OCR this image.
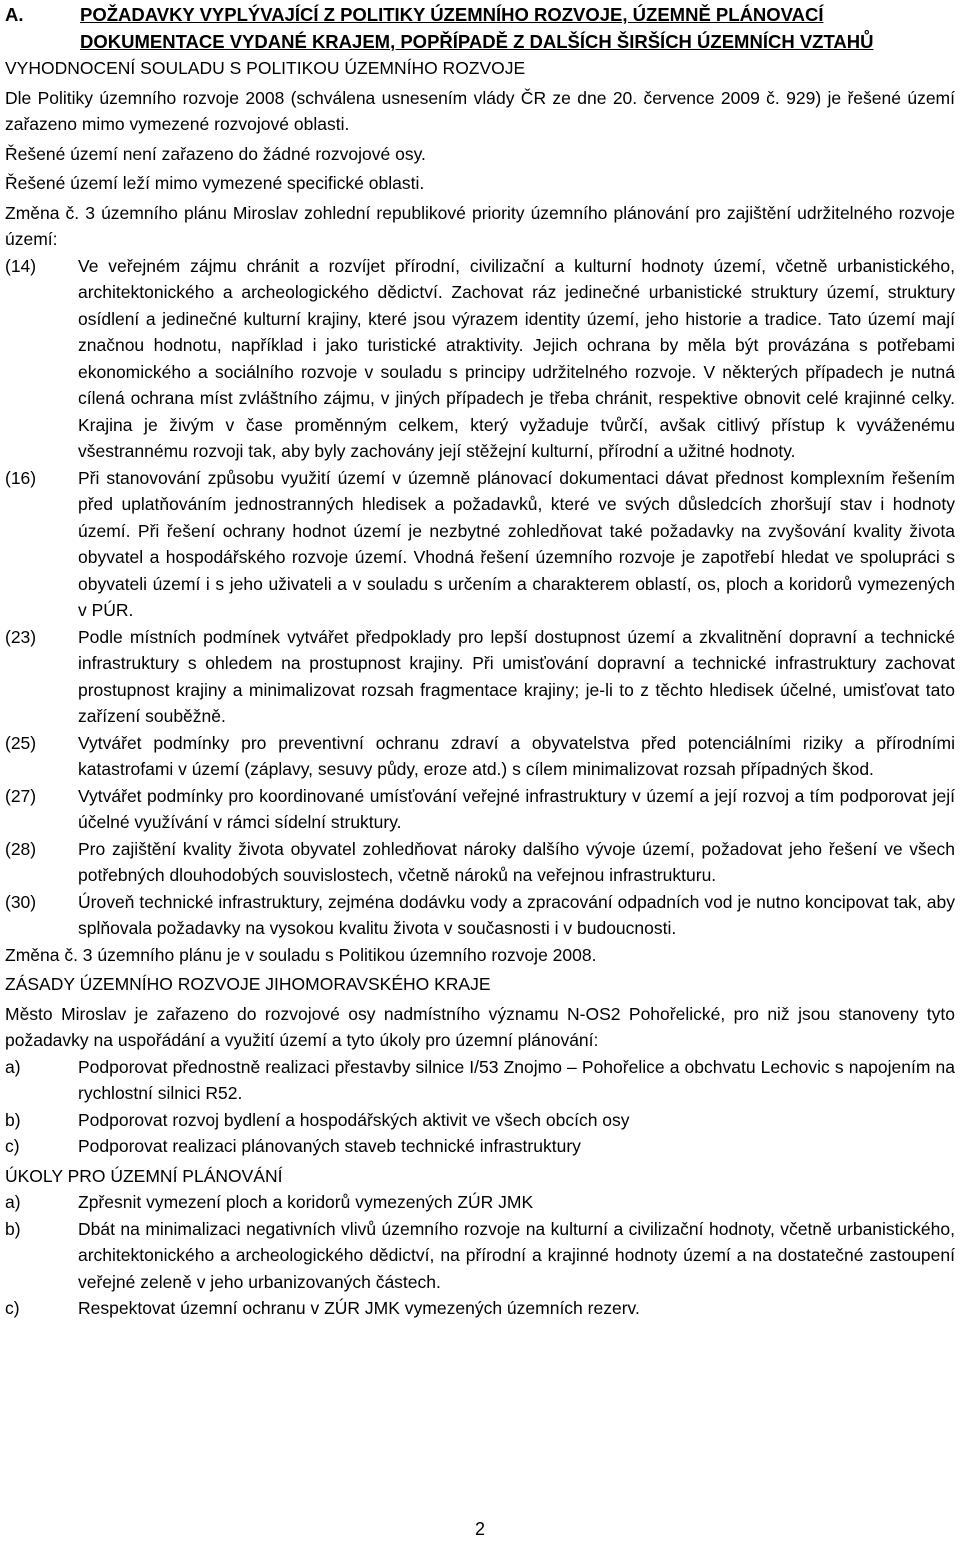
A.	POŽADAVKY VYPLÝVAJÍCÍ Z POLITIKY ÚZEMNÍHO ROZVOJE, ÚZEMNĚ PLÁNOVACÍ DOKUMENTACE VYDANÉ KRAJEM, POPŘÍPADĚ Z DALŠÍCH ŠIRŠÍCH ÚZEMNÍCH VZTAHŮ

VYHODNOCENÍ SOULADU S POLITIKOU ÚZEMNÍHO ROZVOJE

Dle Politiky územního rozvoje 2008 (schválena usnesením vlády ČR ze dne 20. července 2009 č. 929) je řešené území zařazeno mimo vymezené rozvojové oblasti.

Řešené území není zařazeno do žádné rozvojové osy.

Řešené území leží mimo vymezené specifické oblasti.

Změna č. 3 územního plánu Miroslav zohlední republikové priority územního plánování pro zajištění udržitelného rozvoje území:

(14)	Ve veřejném zájmu chránit a rozvíjet přírodní, civilizační a kulturní hodnoty území, včetně urbanistického, architektonického a archeologického dědictví. Zachovat ráz jedinečné urbanistické struktury území, struktury osídlení a jedinečné kulturní krajiny, které jsou výrazem identity území, jeho historie a tradice. Tato území mají značnou hodnotu, například i jako turistické atraktivity. Jejich ochrana by měla být provázána s potřebami ekonomického a sociálního rozvoje v souladu s principy udržitelného rozvoje. V některých případech je nutná cílená ochrana míst zvláštního zájmu, v jiných případech je třeba chránit, respektive obnovit celé krajinné celky. Krajina je živým v čase proměnným celkem, který vyžaduje tvůrčí, avšak citlivý přístup k vyváženému všestrannému rozvoji tak, aby byly zachovány její stěžejní kulturní, přírodní a užitné hodnoty.
(16)	Při stanovování způsobu využití území v územně plánovací dokumentaci dávat přednost komplexním řešením před uplatňováním jednostranných hledisek a požadavků, které ve svých důsledcích zhoršují stav i hodnoty území. Při řešení ochrany hodnot území je nezbytné zohledňovat také požadavky na zvyšování kvality života obyvatel a hospodářského rozvoje území. Vhodná řešení územního rozvoje je zapotřebí hledat ve spolupráci s obyvateli území i s jeho uživateli a v souladu s určením a charakterem oblastí, os, ploch a koridorů vymezených v PÚR.
(23)	Podle místních podmínek vytvářet předpoklady pro lepší dostupnost území a zkvalitnění dopravní a technické infrastruktury s ohledem na prostupnost krajiny. Při umisťování dopravní a technické infrastruktury zachovat prostupnost krajiny a minimalizovat rozsah fragmentace krajiny; je-li to z těchto hledisek účelné, umisťovat tato zařízení souběžně.
(25)	Vytvářet podmínky pro preventivní ochranu zdraví a obyvatelstva před potenciálními riziky a přírodními katastrofami v území (záplavy, sesuvy půdy, eroze atd.) s cílem minimalizovat rozsah případných škod.
(27)	Vytvářet podmínky pro koordinované umísťování veřejné infrastruktury v území a její rozvoj a tím podporovat její účelné využívání v rámci sídelní struktury.
(28)	Pro zajištění kvality života obyvatel zohledňovat nároky dalšího vývoje území, požadovat jeho řešení ve všech potřebných dlouhodobých souvislostech, včetně nároků na veřejnou infrastrukturu.
(30)	Úroveň technické infrastruktury, zejména dodávku vody a zpracování odpadních vod je nutno koncipovat tak, aby splňovala požadavky na vysokou kvalitu života v současnosti i v budoucnosti.

Změna č. 3 územního plánu je v souladu s Politikou územního rozvoje 2008.

ZÁSADY ÚZEMNÍHO ROZVOJE JIHOMORAVSKÉHO KRAJE

Město Miroslav je zařazeno do rozvojové osy nadmístního významu N-OS2 Pohořelické, pro niž jsou stanoveny tyto požadavky na uspořádání a využití území a tyto úkoly pro územní plánování:

a)	Podporovat přednostně realizaci přestavby silnice I/53 Znojmo – Pohořelice a obchvatu Lechovic s napojením na rychlostní silnici R52.
b)	Podporovat rozvoj bydlení a hospodářských aktivit ve všech obcích osy
c)	Podporovat realizaci plánovaných staveb technické infrastruktury

ÚKOLY PRO ÚZEMNÍ PLÁNOVÁNÍ

a)	Zpřesnit vymezení ploch a koridorů vymezených ZÚR JMK
b)	Dbát na minimalizaci negativních vlivů územního rozvoje na kulturní a civilizační hodnoty, včetně urbanistického, architektonického a archeologického dědictví, na přírodní a krajinné hodnoty území a na dostatečné zastoupení veřejné zeleně v jeho urbanizovaných částech.
c)	Respektovat územní ochranu v ZÚR JMK vymezených územních rezerv.
2
